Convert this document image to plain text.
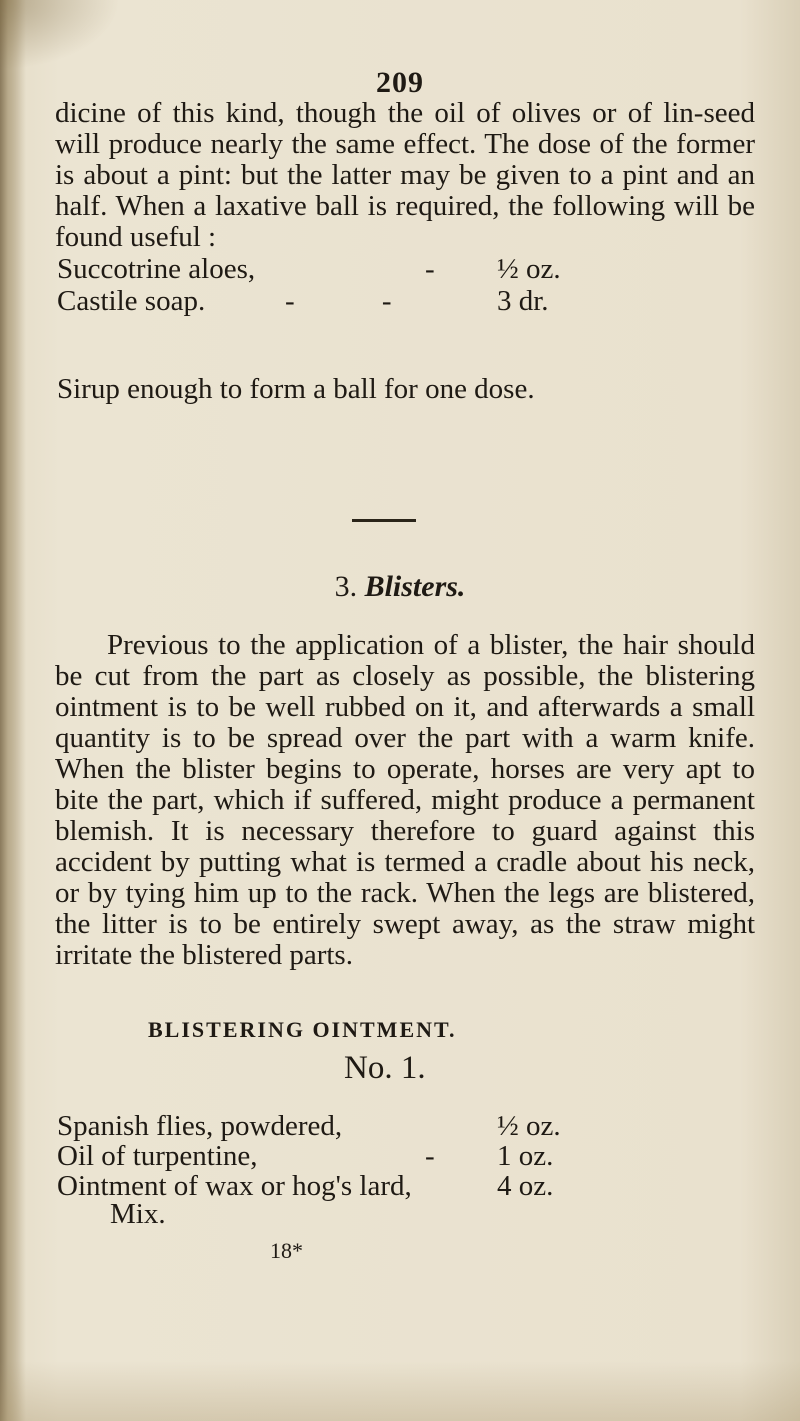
209

dicine of this kind, though the oil of olives or of lin-seed will produce nearly the same effect. The dose of the former is about a pint: but the latter may be given to a pint and an half. When a laxative ball is required, the following will be found useful :

Succotrine aloes,	- ½ oz.
Castile soap.	- -	3 dr.
Sirup enough to form a ball for one dose.
3. Blisters.

Previous to the application of a blister, the hair should be cut from the part as closely as possible, the blistering ointment is to be well rubbed on it, and afterwards a small quantity is to be spread over the part with a warm knife. When the blister begins to operate, horses are very apt to bite the part, which if suffered, might produce a permanent blemish. It is necessary therefore to guard against this accident by putting what is termed a cradle about his neck, or by tying him up to the rack. When the legs are blistered, the litter is to be entirely swept away, as the straw might irritate the blistered parts.

BLISTERING OINTMENT.
No. 1.
Spanish flies, powdered,	½ oz.
Oil of turpentine,	- 1 oz.
Ointment of wax or hog's lard,	4 oz.
Mix.
18*
